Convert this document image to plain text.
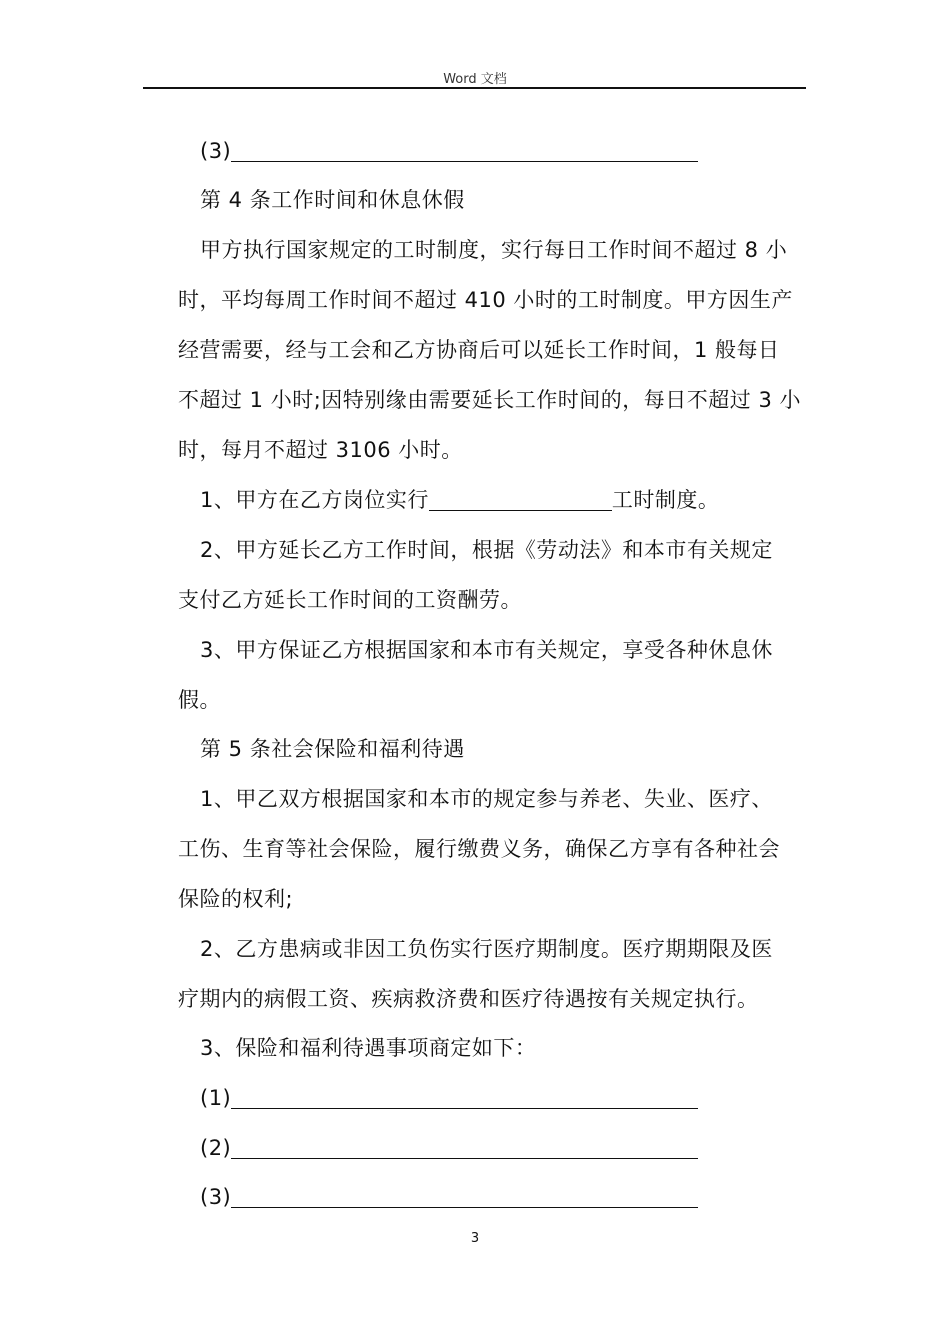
Word 文档
(3)
第 4 条工作时间和休息休假
甲方执行国家规定的工时制度，实行每日工作时间不超过 8 小
时，平均每周工作时间不超过 410 小时的工时制度。甲方因生产
经营需要，经与工会和乙方协商后可以延长工作时间，1 般每日
不超过 1 小时;因特别缘由需要延长工作时间的，每日不超过 3 小
时，每月不超过 3106 小时。
1、甲方在乙方岗位实行	工时制度。
2、甲方延长乙方工作时间，根据《劳动法》和本市有关规定
支付乙方延长工作时间的工资酬劳。
3、甲方保证乙方根据国家和本市有关规定，享受各种休息休
假。
第 5 条社会保险和福利待遇
1、甲乙双方根据国家和本市的规定参与养老、失业、医疗、
工伤、生育等社会保险，履行缴费义务，确保乙方享有各种社会
保险的权利;
2、乙方患病或非因工负伤实行医疗期制度。医疗期期限及医
疗期内的病假工资、疾病救济费和医疗待遇按有关规定执行。
3、保险和福利待遇事项商定如下：
(1)
(2)
(3)
3
